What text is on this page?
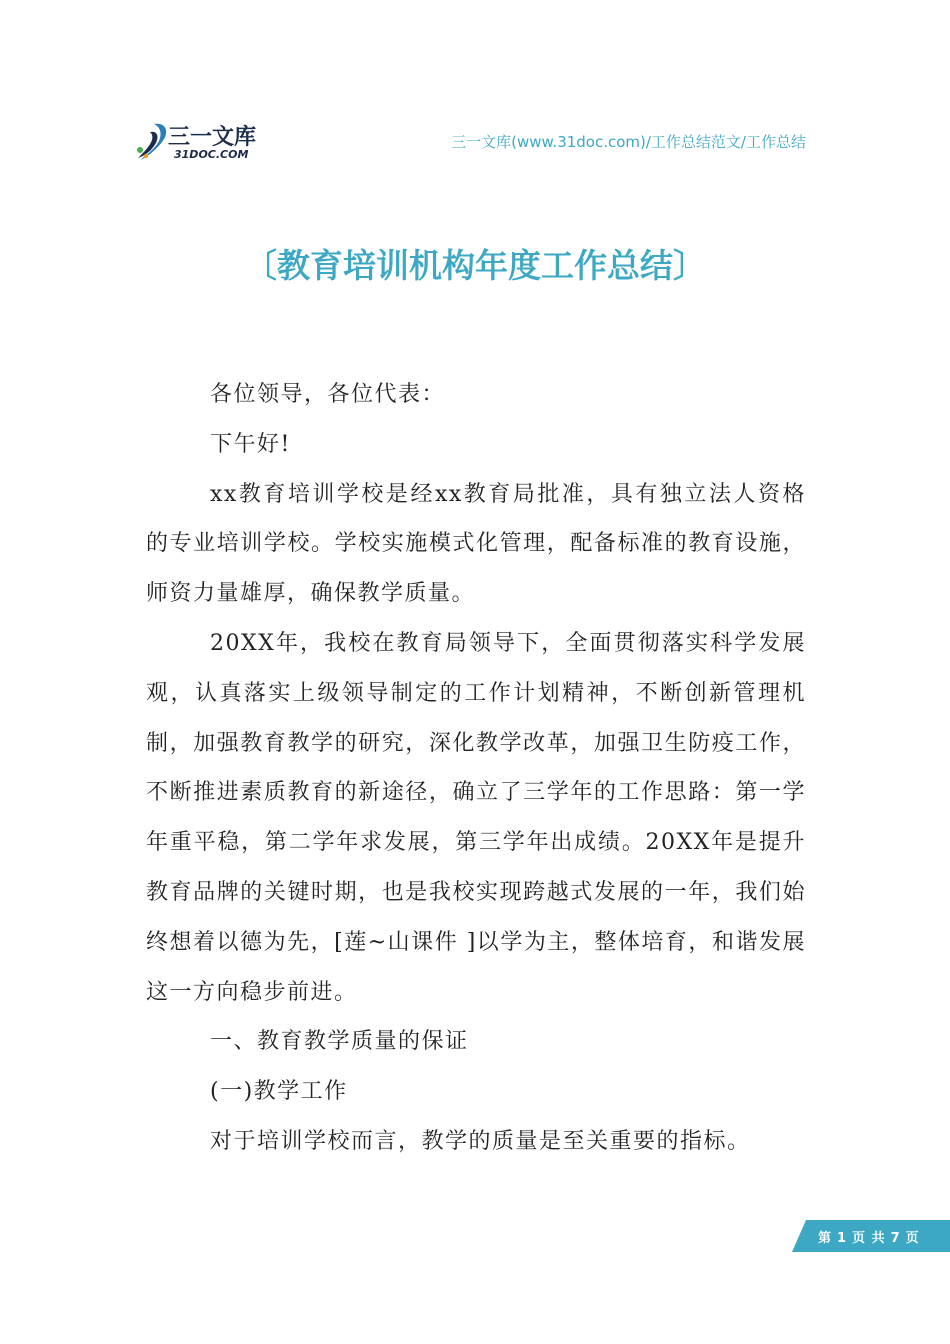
三一文库
31DOC.COM
三一文库(www.31doc.com)/工作总结范文/工作总结
〔教育培训机构年度工作总结〕

各位领导，各位代表：

下午好!

xx教育培训学校是经xx教育局批准，具有独立法人资格的专业培训学校。学校实施模式化管理，配备标准的教育设施，师资力量雄厚，确保教学质量。

20XX年，我校在教育局领导下，全面贯彻落实科学发展观，认真落实上级领导制定的工作计划精神，不断创新管理机制，加强教育教学的研究，深化教学改革，加强卫生防疫工作，不断推进素质教育的新途径，确立了三学年的工作思路：第一学年重平稳，第二学年求发展，第三学年出成绩。20XX年是提升教育品牌的关键时期，也是我校实现跨越式发展的一年，我们始终想着以德为先，[莲~山课件 ]以学为主，整体培育，和谐发展这一方向稳步前进。

一、教育教学质量的保证

(一)教学工作

对于培训学校而言，教学的质量是至关重要的指标。

第 1 页 共 7 页
